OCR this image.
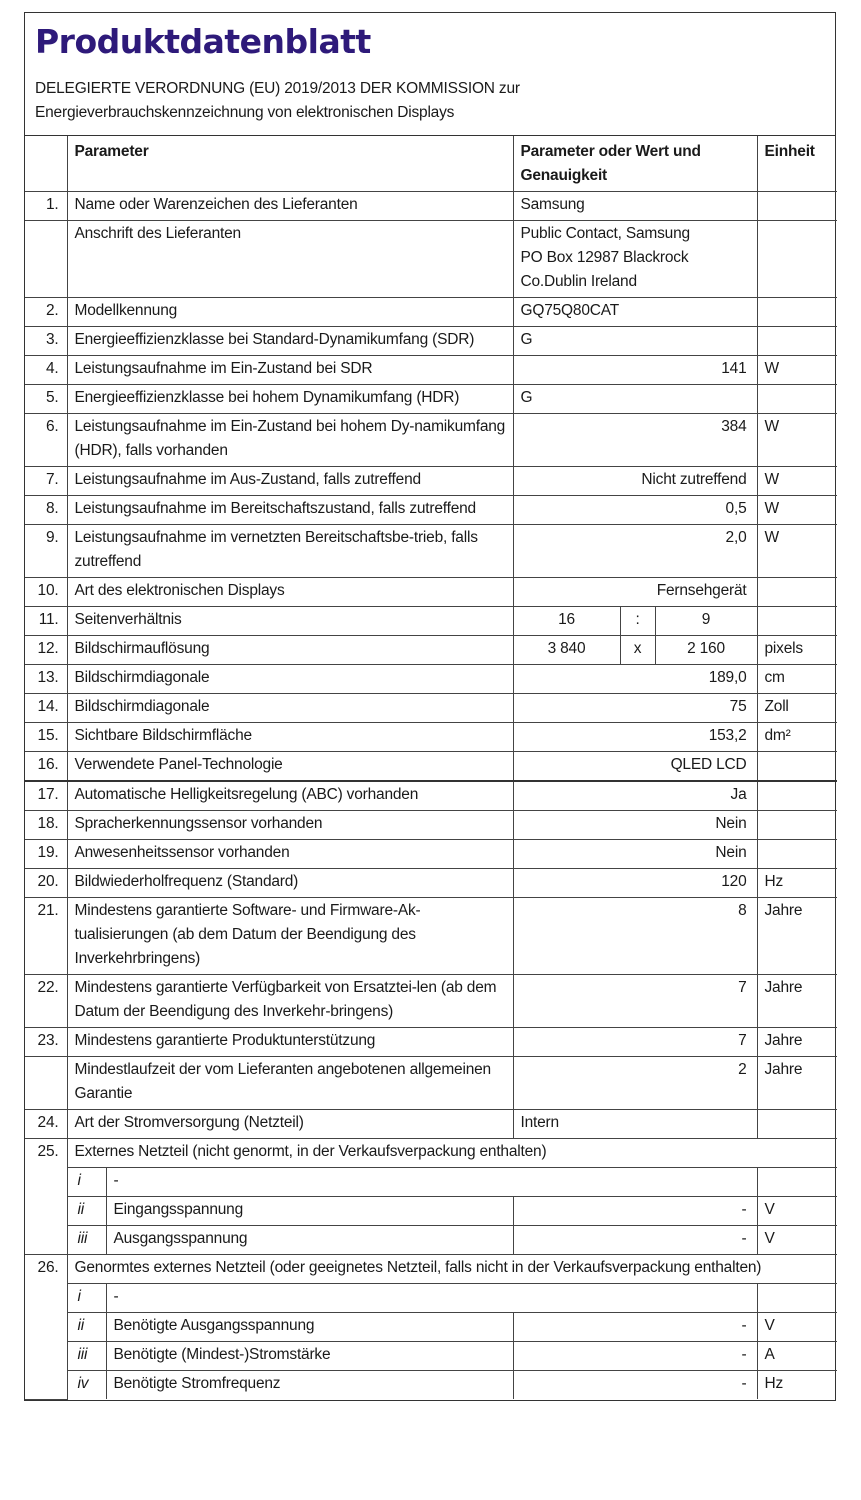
Produktdatenblatt
DELEGIERTE VERORDNUNG (EU) 2019/2013 DER KOMMISSION zur
Energieverbrauchskennzeichnung von elektronischen Displays
	Parameter		Parameter oder Wert und Genauigkeit			Einheit
1.	Name oder Warenzeichen des Lieferanten		Samsung			
	Anschrift des Lieferanten		Public Contact, Samsung
PO Box 12987 Blackrock
Co.Dublin Ireland			

2.	Modellkennung		GQ75Q80CAT			
3.	Energieeffizienzklasse bei Standard-Dynamikumfang (SDR)		G			
4.	Leistungsaufnahme im Ein-Zustand bei SDR		141			W
5.	Energieeffizienzklasse bei hohem Dynamikumfang (HDR)		G			
6.	Leistungsaufnahme im Ein-Zustand bei hohem Dy-namikumfang (HDR), falls vorhanden		384			W
7.	Leistungsaufnahme im Aus-Zustand, falls zutreffend		Nicht zutreffend			W
8.	Leistungsaufnahme im Bereitschaftszustand, falls zutreffend		0,5			W
9.	Leistungsaufnahme im vernetzten Bereitschaftsbe-trieb, falls zutreffend		2,0			W
10.	Art des elektronischen Displays		Fernsehgerät			
11.	Seitenverhältnis		16	:	9	
12.	Bildschirmauflösung		3 840	x	2 160	pixels
13.	Bildschirmdiagonale		189,0			cm
14.	Bildschirmdiagonale		75			Zoll
15.	Sichtbare Bildschirmfläche		153,2			dm²
16.	Verwendete Panel-Technologie		QLED LCD			
17.	Automatische Helligkeitsregelung (ABC) vorhanden		Ja			
18.	Spracherkennungssensor vorhanden		Nein			
19.	Anwesenheitssensor vorhanden		Nein			
20.	Bildwiederholfrequenz (Standard)		120			Hz
21.	Mindestens garantierte Software- und Firmware-Ak-tualisierungen (ab dem Datum der Beendigung des Inverkehrbringens)		8			Jahre
22.	Mindestens garantierte Verfügbarkeit von Ersatztei-len (ab dem Datum der Beendigung des Inverkehr-bringens)		7			Jahre
23.	Mindestens garantierte Produktunterstützung		7			Jahre
	Mindestlaufzeit der vom Lieferanten angebotenen allgemeinen Garantie		2			Jahre
24.	Art der Stromversorgung (Netzteil)		Intern			
25.	Externes Netzteil (nicht genormt, in der Verkaufsverpackung enthalten)					
	i	-				
	ii	Eingangsspannung	-			V
	iii	Ausgangsspannung	-			V
26.	Genormtes externes Netzteil (oder geeignetes Netzteil, falls nicht in der Verkaufsverpackung enthalten)					
	i	-				
	ii	Benötigte Ausgangsspannung	-			V
	iii	Benötigte (Mindest-)Stromstärke	-			A
	iv	Benötigte Stromfrequenz	-			Hz
